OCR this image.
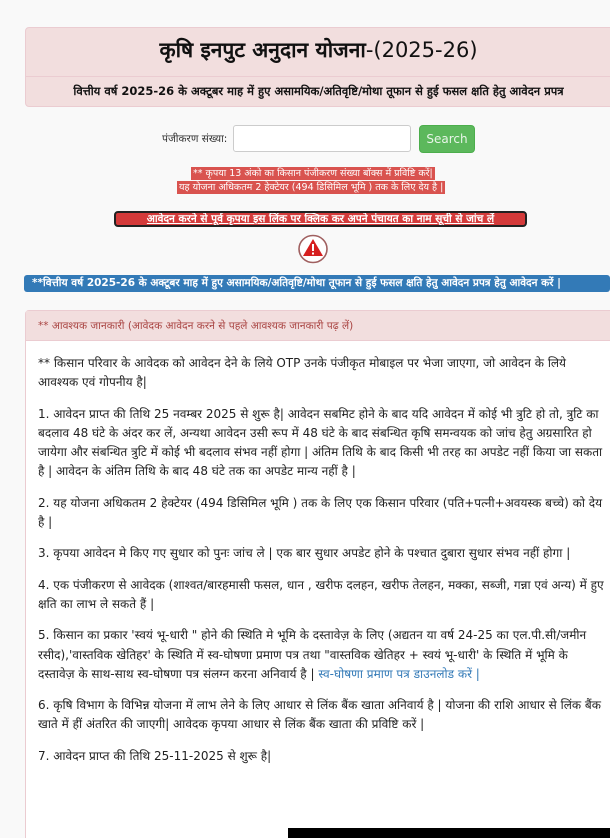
कृषि इनपुट अनुदान योजना-(2025-26)
वित्तीय वर्ष 2025-26 के अक्टूबर माह में हुए असामयिक/अतिवृष्टि/मोथा तूफान से हुई फसल क्षति हेतु आवेदन प्रपत्र
पंजीकरण संख्या:	Search
** कृपया 13 अंको का किसान पंजीकरण संख्या बॉक्स में प्रविष्टि करें|
यह योजना अधिकतम 2 हेक्टेयर (494 डिसिमिल भूमि ) तक के लिए देय है |
आवेदन करने से पूर्व कृपया इस लिंक पर क्लिक कर अपने पंचायत का नाम सूची से जांच लें
**वित्तीय वर्ष 2025-26 के अक्टूबर माह में हुए असामयिक/अतिवृष्टि/मोथा तूफान से हुई फसल क्षति हेतु आवेदन प्रपत्र हेतु आवेदन करें |
** आवश्यक जानकारी (आवेदक आवेदन करने से पहले आवश्यक जानकारी पढ़ लें)

** किसान परिवार के आवेदक को आवेदन देने के लिये OTP उनके पंजीकृत मोबाइल पर भेजा जाएगा, जो आवेदन के लिये आवश्यक एवं गोपनीय है|

1. आवेदन प्राप्त की तिथि 25 नवम्बर 2025 से शुरू है| आवेदन सबमिट होने के बाद यदि आवेदन में कोई भी त्रुटि हो तो, त्रुटि का बदलाव 48 घंटे के अंदर कर लें, अन्यथा आवेदन उसी रूप में 48 घंटे के बाद संबन्धित कृषि समन्वयक को जांच हेतु अग्रसारित हो जायेगा और संबन्धित त्रुटि में कोई भी बदलाव संभव नहीं होगा | अंतिम तिथि के बाद किसी भी तरह का अपडेट नहीं किया जा सकता है | आवेदन के अंतिम तिथि के बाद 48 घंटे तक का अपडेट मान्य नहीं है |

2. यह योजना अधिकतम 2 हेक्टेयर (494 डिसिमिल भूमि ) तक के लिए एक किसान परिवार (पति+पत्नी+अवयस्क बच्चे) को देय है |

3. कृपया आवेदन मे किए गए सुधार को पुनः जांच ले | एक बार सुधार अपडेट होने के पश्चात दुबारा सुधार संभव नहीं होगा |

4. एक पंजीकरण से आवेदक (शाश्वत/बारहमासी फसल, धान , खरीफ दलहन, खरीफ तेलहन, मक्का, सब्जी, गन्ना एवं अन्य) में हुए क्षति का लाभ ले सकते हैं |

5. किसान का प्रकार 'स्वयं भू-धारी " होने की स्थिति मे भूमि के दस्तावेज़ के लिए (अद्यतन या वर्ष 24-25 का एल.पी.सी/जमीन रसीद),'वास्तविक खेतिहर' के स्थिति में स्व-घोषणा प्रमाण पत्र तथा "वास्तविक खेतिहर + स्वयं भू-धारी' के स्थिति में भूमि के दस्तावेज़ के साथ-साथ स्व-घोषणा पत्र संलग्न करना अनिवार्य है | स्व-घोषणा प्रमाण पत्र डाउनलोड करें |

6. कृषि विभाग के विभिन्न योजना में लाभ लेने के लिए आधार से लिंक बैंक खाता अनिवार्य है | योजना की राशि आधार से लिंक बैंक खाते में हीं अंतरित की जाएगी| आवेदक कृपया आधार से लिंक बैंक खाता की प्रविष्टि करें |

7. आवेदन प्राप्त की तिथि 25-11-2025 से शुरू है|
